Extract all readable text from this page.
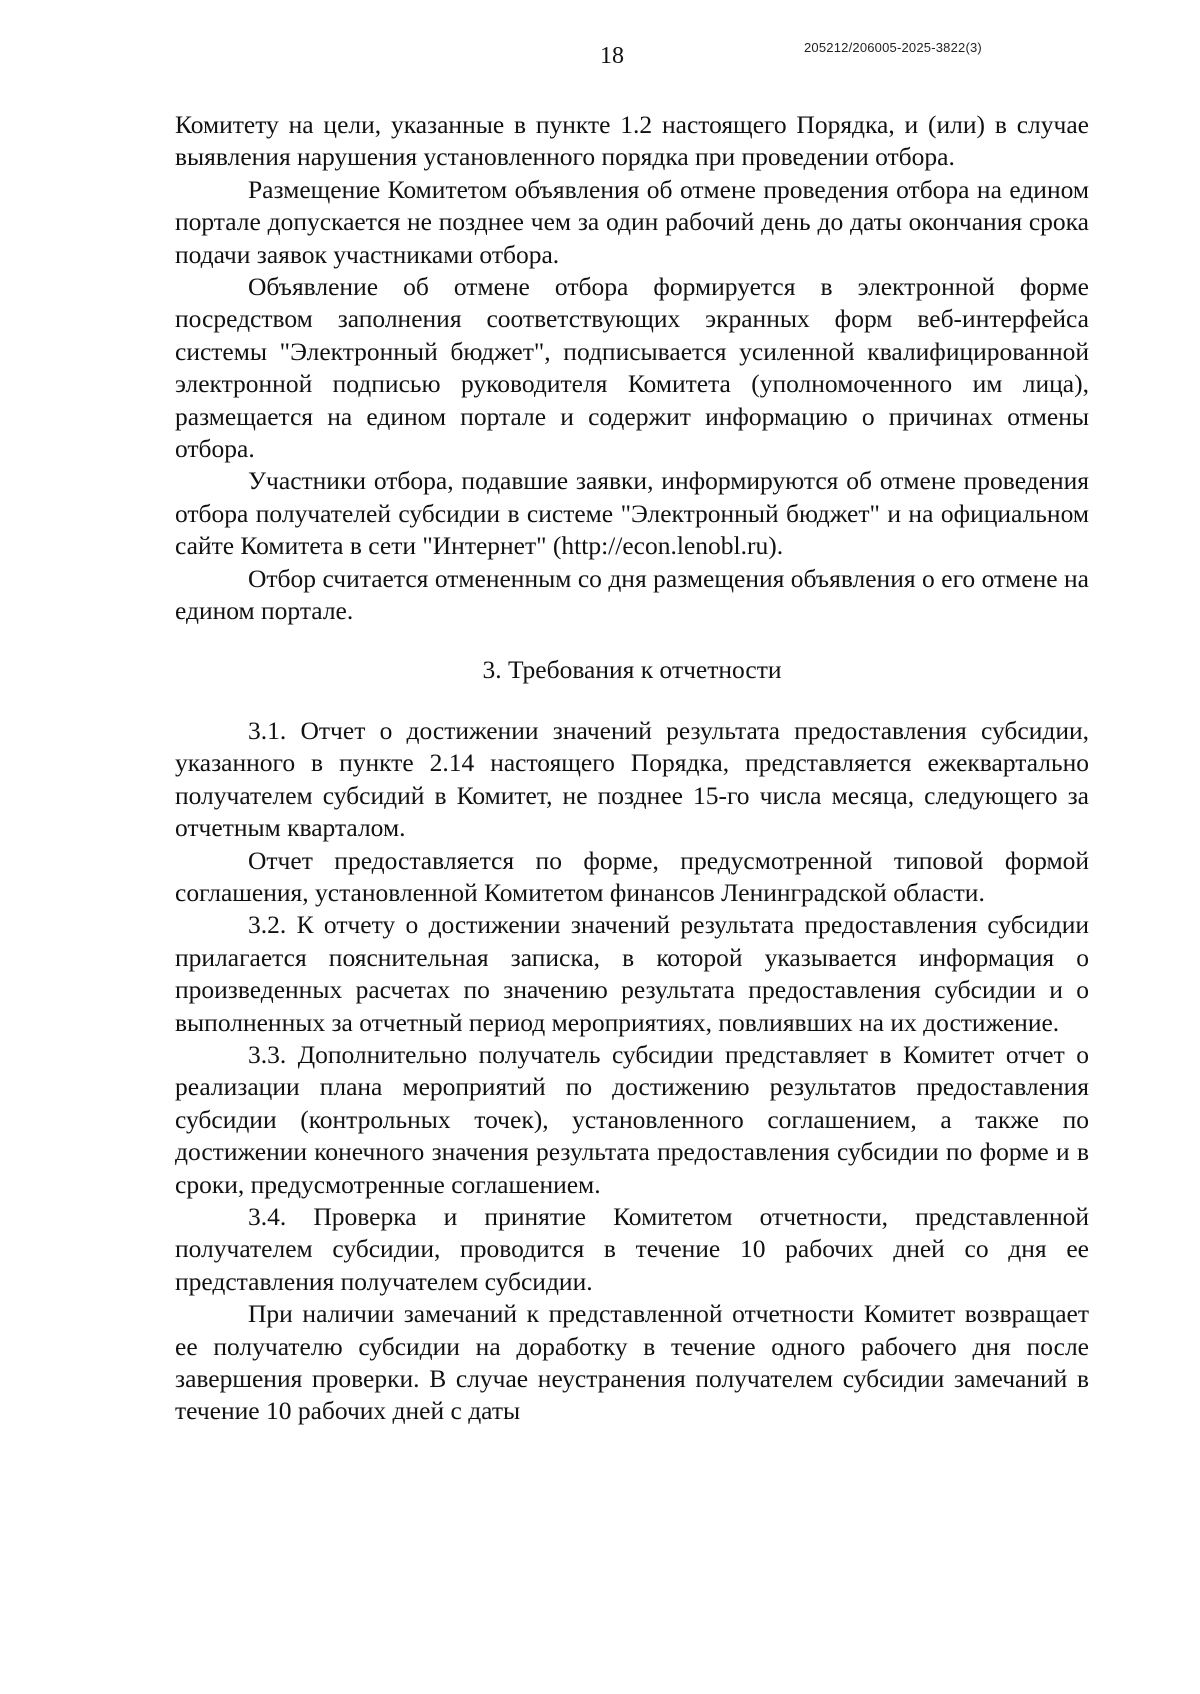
18	205212/206005-2025-3822(3)

Комитету на цели, указанные в пункте 1.2 настоящего Порядка, и (или) в случае выявления нарушения установленного порядка при проведении отбора.

Размещение Комитетом объявления об отмене проведения отбора на едином портале допускается не позднее чем за один рабочий день до даты окончания срока подачи заявок участниками отбора.

Объявление об отмене отбора формируется в электронной форме посредством заполнения соответствующих экранных форм веб-интерфейса системы "Электронный бюджет", подписывается усиленной квалифицированной электронной подписью руководителя Комитета (уполномоченного им лица), размещается на едином портале и содержит информацию о причинах отмены отбора.

Участники отбора, подавшие заявки, информируются об отмене проведения отбора получателей субсидии в системе "Электронный бюджет" и на официальном сайте Комитета в сети "Интернет" (http://econ.lenobl.ru).

Отбор считается отмененным со дня размещения объявления о его отмене на едином портале.

3. Требования к отчетности

3.1. Отчет о достижении значений результата предоставления субсидии, указанного в пункте 2.14 настоящего Порядка, представляется ежеквартально получателем субсидий в Комитет, не позднее 15-го числа месяца, следующего за отчетным кварталом.

Отчет предоставляется по форме, предусмотренной типовой формой соглашения, установленной Комитетом финансов Ленинградской области.

3.2. К отчету о достижении значений результата предоставления субсидии прилагается пояснительная записка, в которой указывается информация о произведенных расчетах по значению результата предоставления субсидии и о выполненных за отчетный период мероприятиях, повлиявших на их достижение.

3.3. Дополнительно получатель субсидии представляет в Комитет отчет о реализации плана мероприятий по достижению результатов предоставления субсидии (контрольных точек), установленного соглашением, а также по достижении конечного значения результата предоставления субсидии по форме и в сроки, предусмотренные соглашением.

3.4. Проверка и принятие Комитетом отчетности, представленной получателем субсидии, проводится в течение 10 рабочих дней со дня ее представления получателем субсидии.

При наличии замечаний к представленной отчетности Комитет возвращает ее получателю субсидии на доработку в течение одного рабочего дня после завершения проверки. В случае неустранения получателем субсидии замечаний в течение 10 рабочих дней с даты
